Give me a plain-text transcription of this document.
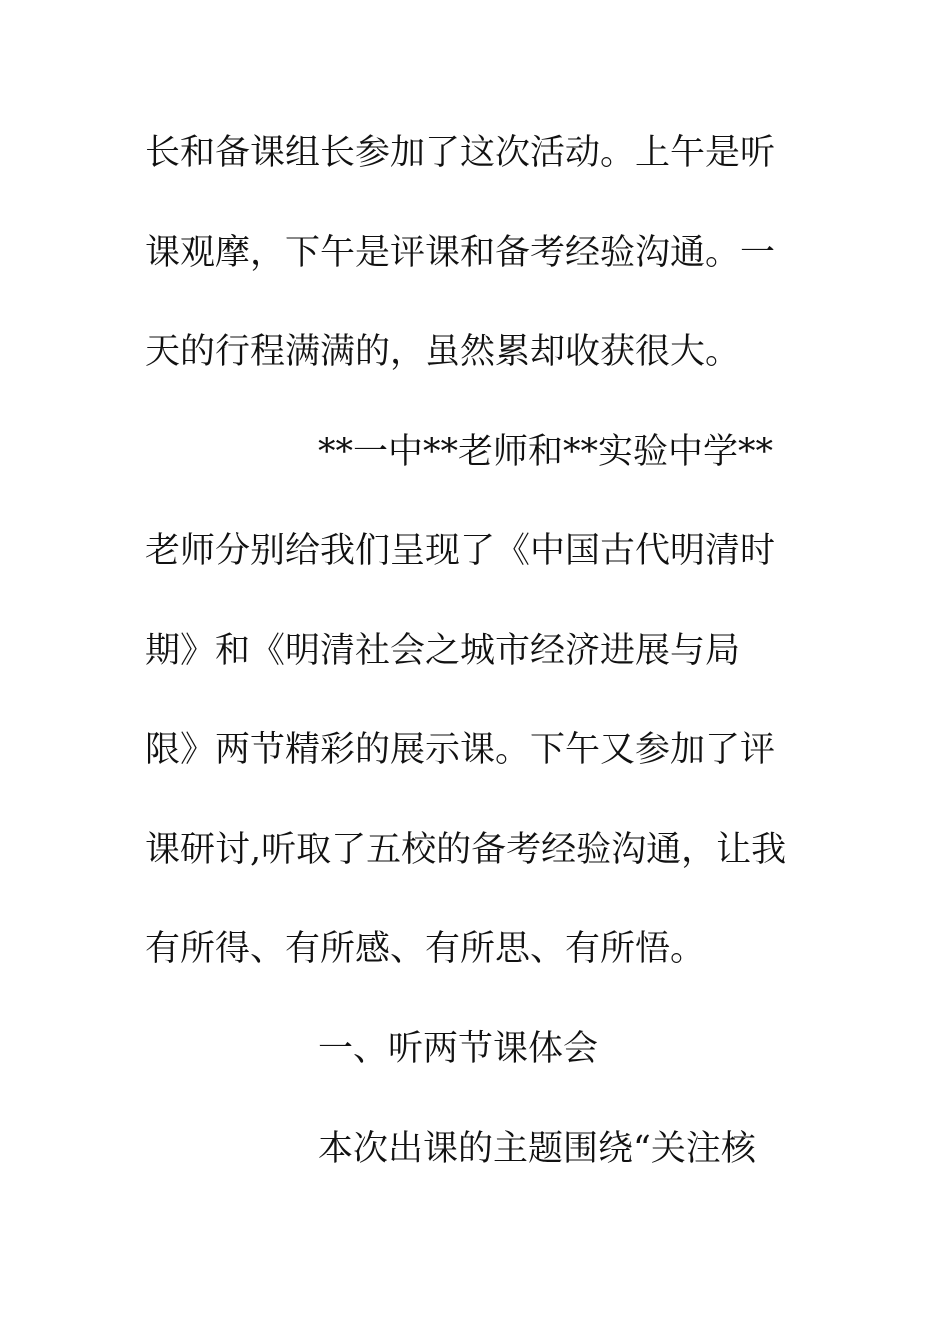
长和备课组长参加了这次活动。上午是听
课观摩，下午是评课和备考经验沟通。一
天的行程满满的，虽然累却收获很大。
**一中**老师和**实验中学**
老师分别给我们呈现了《中国古代明清时
期》和《明清社会之城市经济进展与局
限》两节精彩的展示课。下午又参加了评
课研讨,听取了五校的备考经验沟通，让我
有所得、有所感、有所思、有所悟。
一、听两节课体会
本次出课的主题围绕“关注核
